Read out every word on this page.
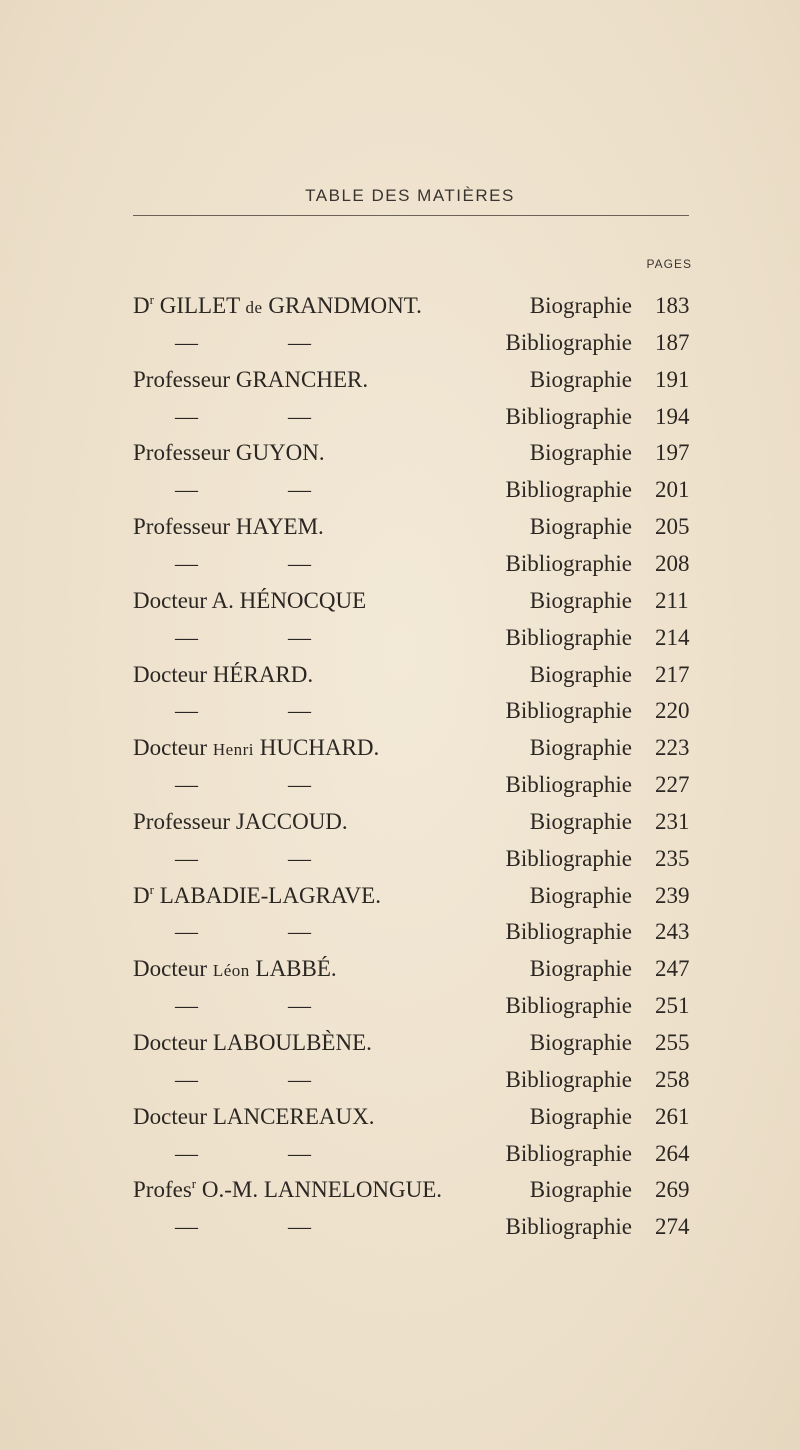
TABLE DES MATIÈRES
PAGES
$D^r$ GILLET de GRANDMONT.	Biographie 183
—	—	Bibliographie 187
Professeur GRANCHER.	Biographie 191
—	—	Bibliographie 194
Professeur GUYON.	Biographie 197
—	—	Bibliographie 201
Professeur HAYEM.	Biographie 205
—	—	Bibliographie 208
Docteur A. HÉNOCQUE	Biographie 211
—	—	Bibliographie 214
Docteur HÉRARD.	Biographie 217
—	—	Bibliographie 220
Docteur Henri HUCHARD.	Biographie 223
—	—	Bibliographie 227
Professeur JACCOUD.	Biographie 231
—	—	Bibliographie 235
$D^r$ LABADIE-LAGRAVE.	Biographie 239
—	—	Bibliographie 243
Docteur Léon LABBÉ.	Biographie 247
—	—	Bibliographie 251
Docteur LABOULBÈNE.	Biographie 255
—	—	Bibliographie 258
Docteur LANCEREAUX.	Biographie 261
—	—	Bibliographie 264
Profes$^r$ O.-M. LANNELONGUE.	Biographie 269
—	—	Bibliographie 274
